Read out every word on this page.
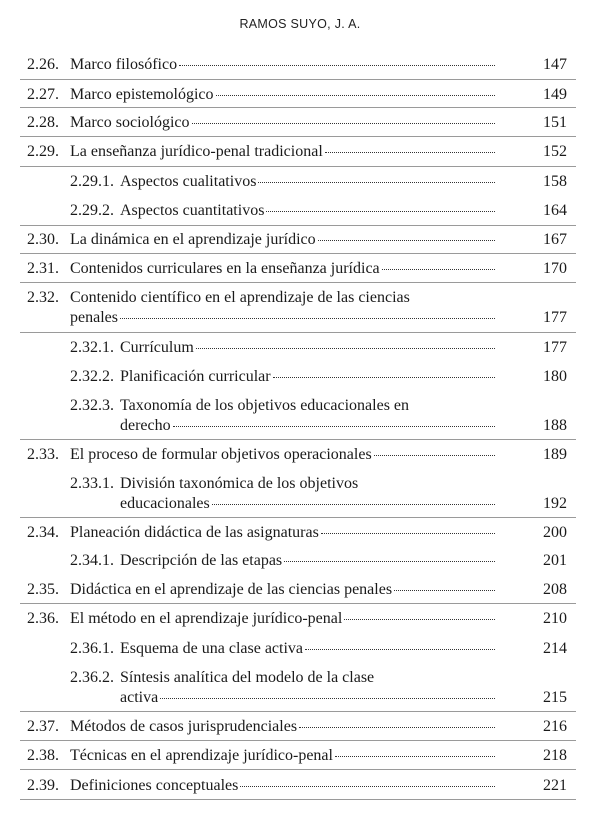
RAMOS SUYO, J. A.
2.26. Marco filosófico	147
2.27. Marco epistemológico	149
2.28. Marco sociológico	151
2.29. La enseñanza jurídico-penal tradicional	152
2.29.1. Aspectos cualitativos	158
2.29.2. Aspectos cuantitativos	164
2.30. La dinámica en el aprendizaje jurídico	167
2.31. Contenidos curriculares en la enseñanza jurídica	170
2.32. Contenido científico en el aprendizaje de las ciencias
penales	177
2.32.1. Currículum	177
2.32.2. Planificación curricular	180
2.32.3. Taxonomía de los objetivos educacionales en
derecho	188
2.33. El proceso de formular objetivos operacionales	189
2.33.1. División taxonómica de los objetivos
educacionales	192
2.34. Planeación didáctica de las asignaturas	200
2.34.1. Descripción de las etapas	201
2.35. Didáctica en el aprendizaje de las ciencias penales	208
2.36. El método en el aprendizaje jurídico-penal	210
2.36.1. Esquema de una clase activa	214
2.36.2. Síntesis analítica del modelo de la clase
activa	215
2.37. Métodos de casos jurisprudenciales	216
2.38. Técnicas en el aprendizaje jurídico-penal	218
2.39. Definiciones conceptuales	221
